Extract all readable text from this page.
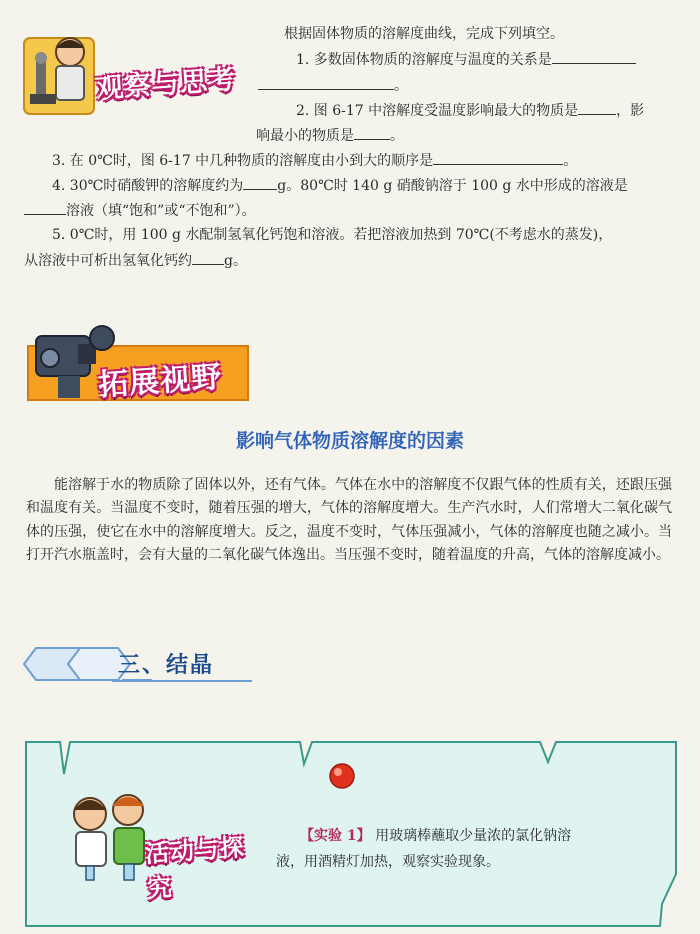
观察与思考
根据固体物质的溶解度曲线，完成下列填空。
1. 多数固体物质的溶解度与温度的关系是
。
2. 图 6-17 中溶解度受温度影响最大的物质是	，影
响最小的物质是	。
3. 在 0℃时，图 6-17 中几种物质的溶解度由小到大的顺序是	。
4. 30℃时硝酸钾的溶解度约为 g。80℃时 140 g 硝酸钠溶于 100 g 水中形成的溶液是
溶液（填“饱和”或“不饱和”）。
5. 0℃时，用 100 g 水配制氢氧化钙饱和溶液。若把溶液加热到 70℃(不考虑水的蒸发)，
从溶液中可析出氢氧化钙约 g。
拓展视野
影响气体物质溶解度的因素
能溶解于水的物质除了固体以外，还有气体。气体在水中的溶解度不仅跟气体的性质有关，还跟压强和温度有关。当温度不变时，随着压强的增大，气体的溶解度增大。生产汽水时，人们常增大二氧化碳气体的压强，使它在水中的溶解度增大。反之，温度不变时，气体压强减小，气体的溶解度也随之减小。当打开汽水瓶盖时，会有大量的二氧化碳气体逸出。当压强不变时，随着温度的升高，气体的溶解度减小。
三、结晶
活动与探究
【实验 1】 用玻璃棒蘸取少量浓的氯化钠溶
液，用酒精灯加热，观察实验现象。
